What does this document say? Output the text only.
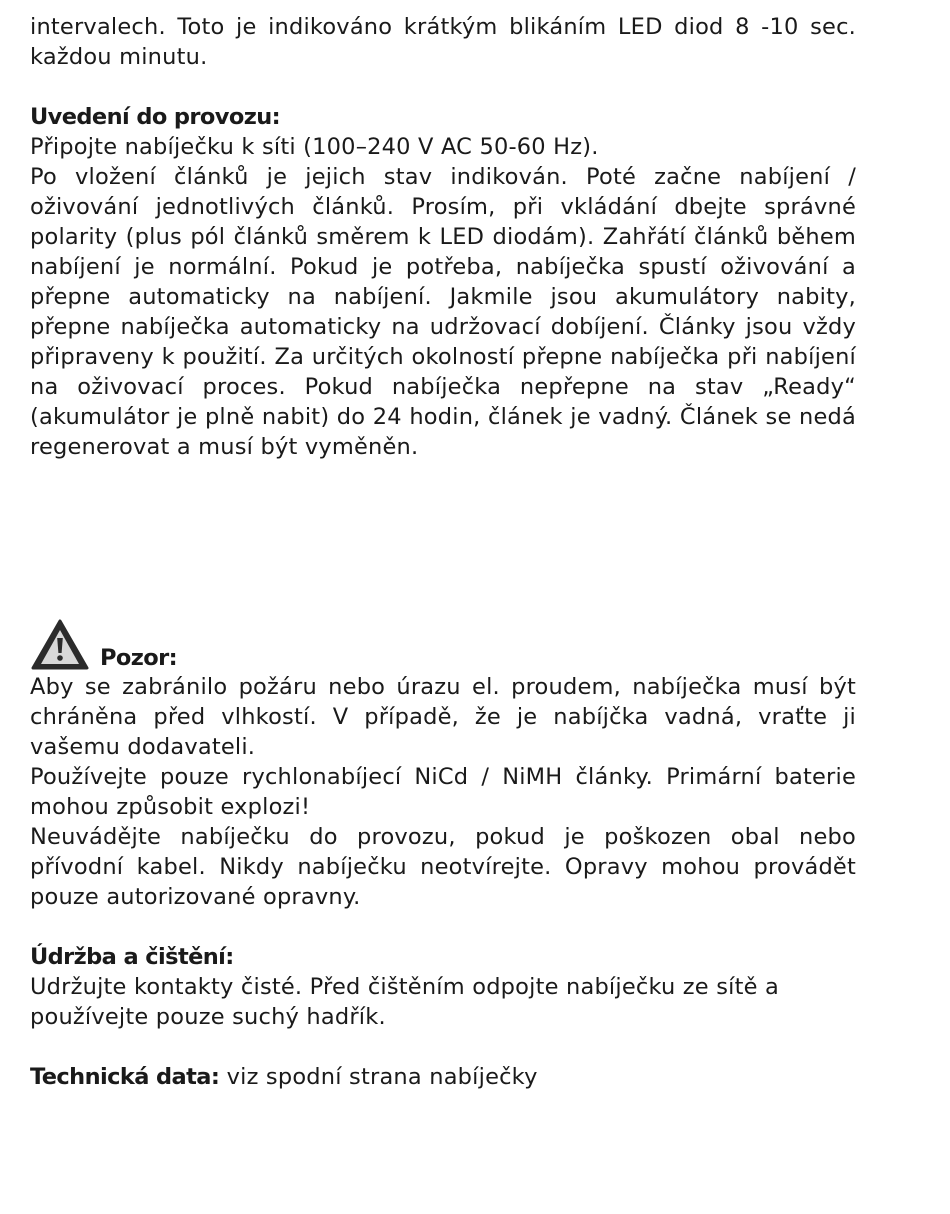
intervalech. Toto je indikováno krátkým blikáním LED diod 8 -10 sec. každou minutu.

Uvedení do provozu:

Připojte nabíječku k síti (100–240 V AC 50-60 Hz).

Po vložení článků je jejich stav indikován. Poté začne nabíjení / oživování jednotlivých článků. Prosím, při vkládání dbejte správné polarity (plus pól článků směrem k LED diodám). Zahřátí článků během nabíjení je normální. Pokud je potřeba, nabíječka spustí oživování a přepne automaticky na nabíjení. Jakmile jsou akumulátory nabity, přepne nabíječka automaticky na udržovací dobíjení. Články jsou vždy připraveny k použití. Za určitých okolností přepne nabíječka při nabíjení na oživovací proces. Pokud nabíječka nepřepne na stav „Ready“ (akumulátor je plně nabit) do 24 hodin, článek je vadný. Článek se nedá regenerovat a musí být vyměněn.

Pozor:

Aby se zabránilo požáru nebo úrazu el. proudem, nabíječka musí být chráněna před vlhkostí. V případě, že je nabíjčka vadná, vraťte ji vašemu dodavateli.

Používejte pouze rychlonabíjecí NiCd / NiMH články. Primární baterie mohou způsobit explozi!

Neuvádějte nabíječku do provozu, pokud je poškozen obal nebo přívodní kabel. Nikdy nabíječku neotvírejte. Opravy mohou provádět pouze autorizované opravny.

Údržba a čištění:
Udržujte kontakty čisté. Před čištěním odpojte nabíječku ze sítě a
používejte pouze suchý hadřík.
Technická data: viz spodní strana nabíječky
